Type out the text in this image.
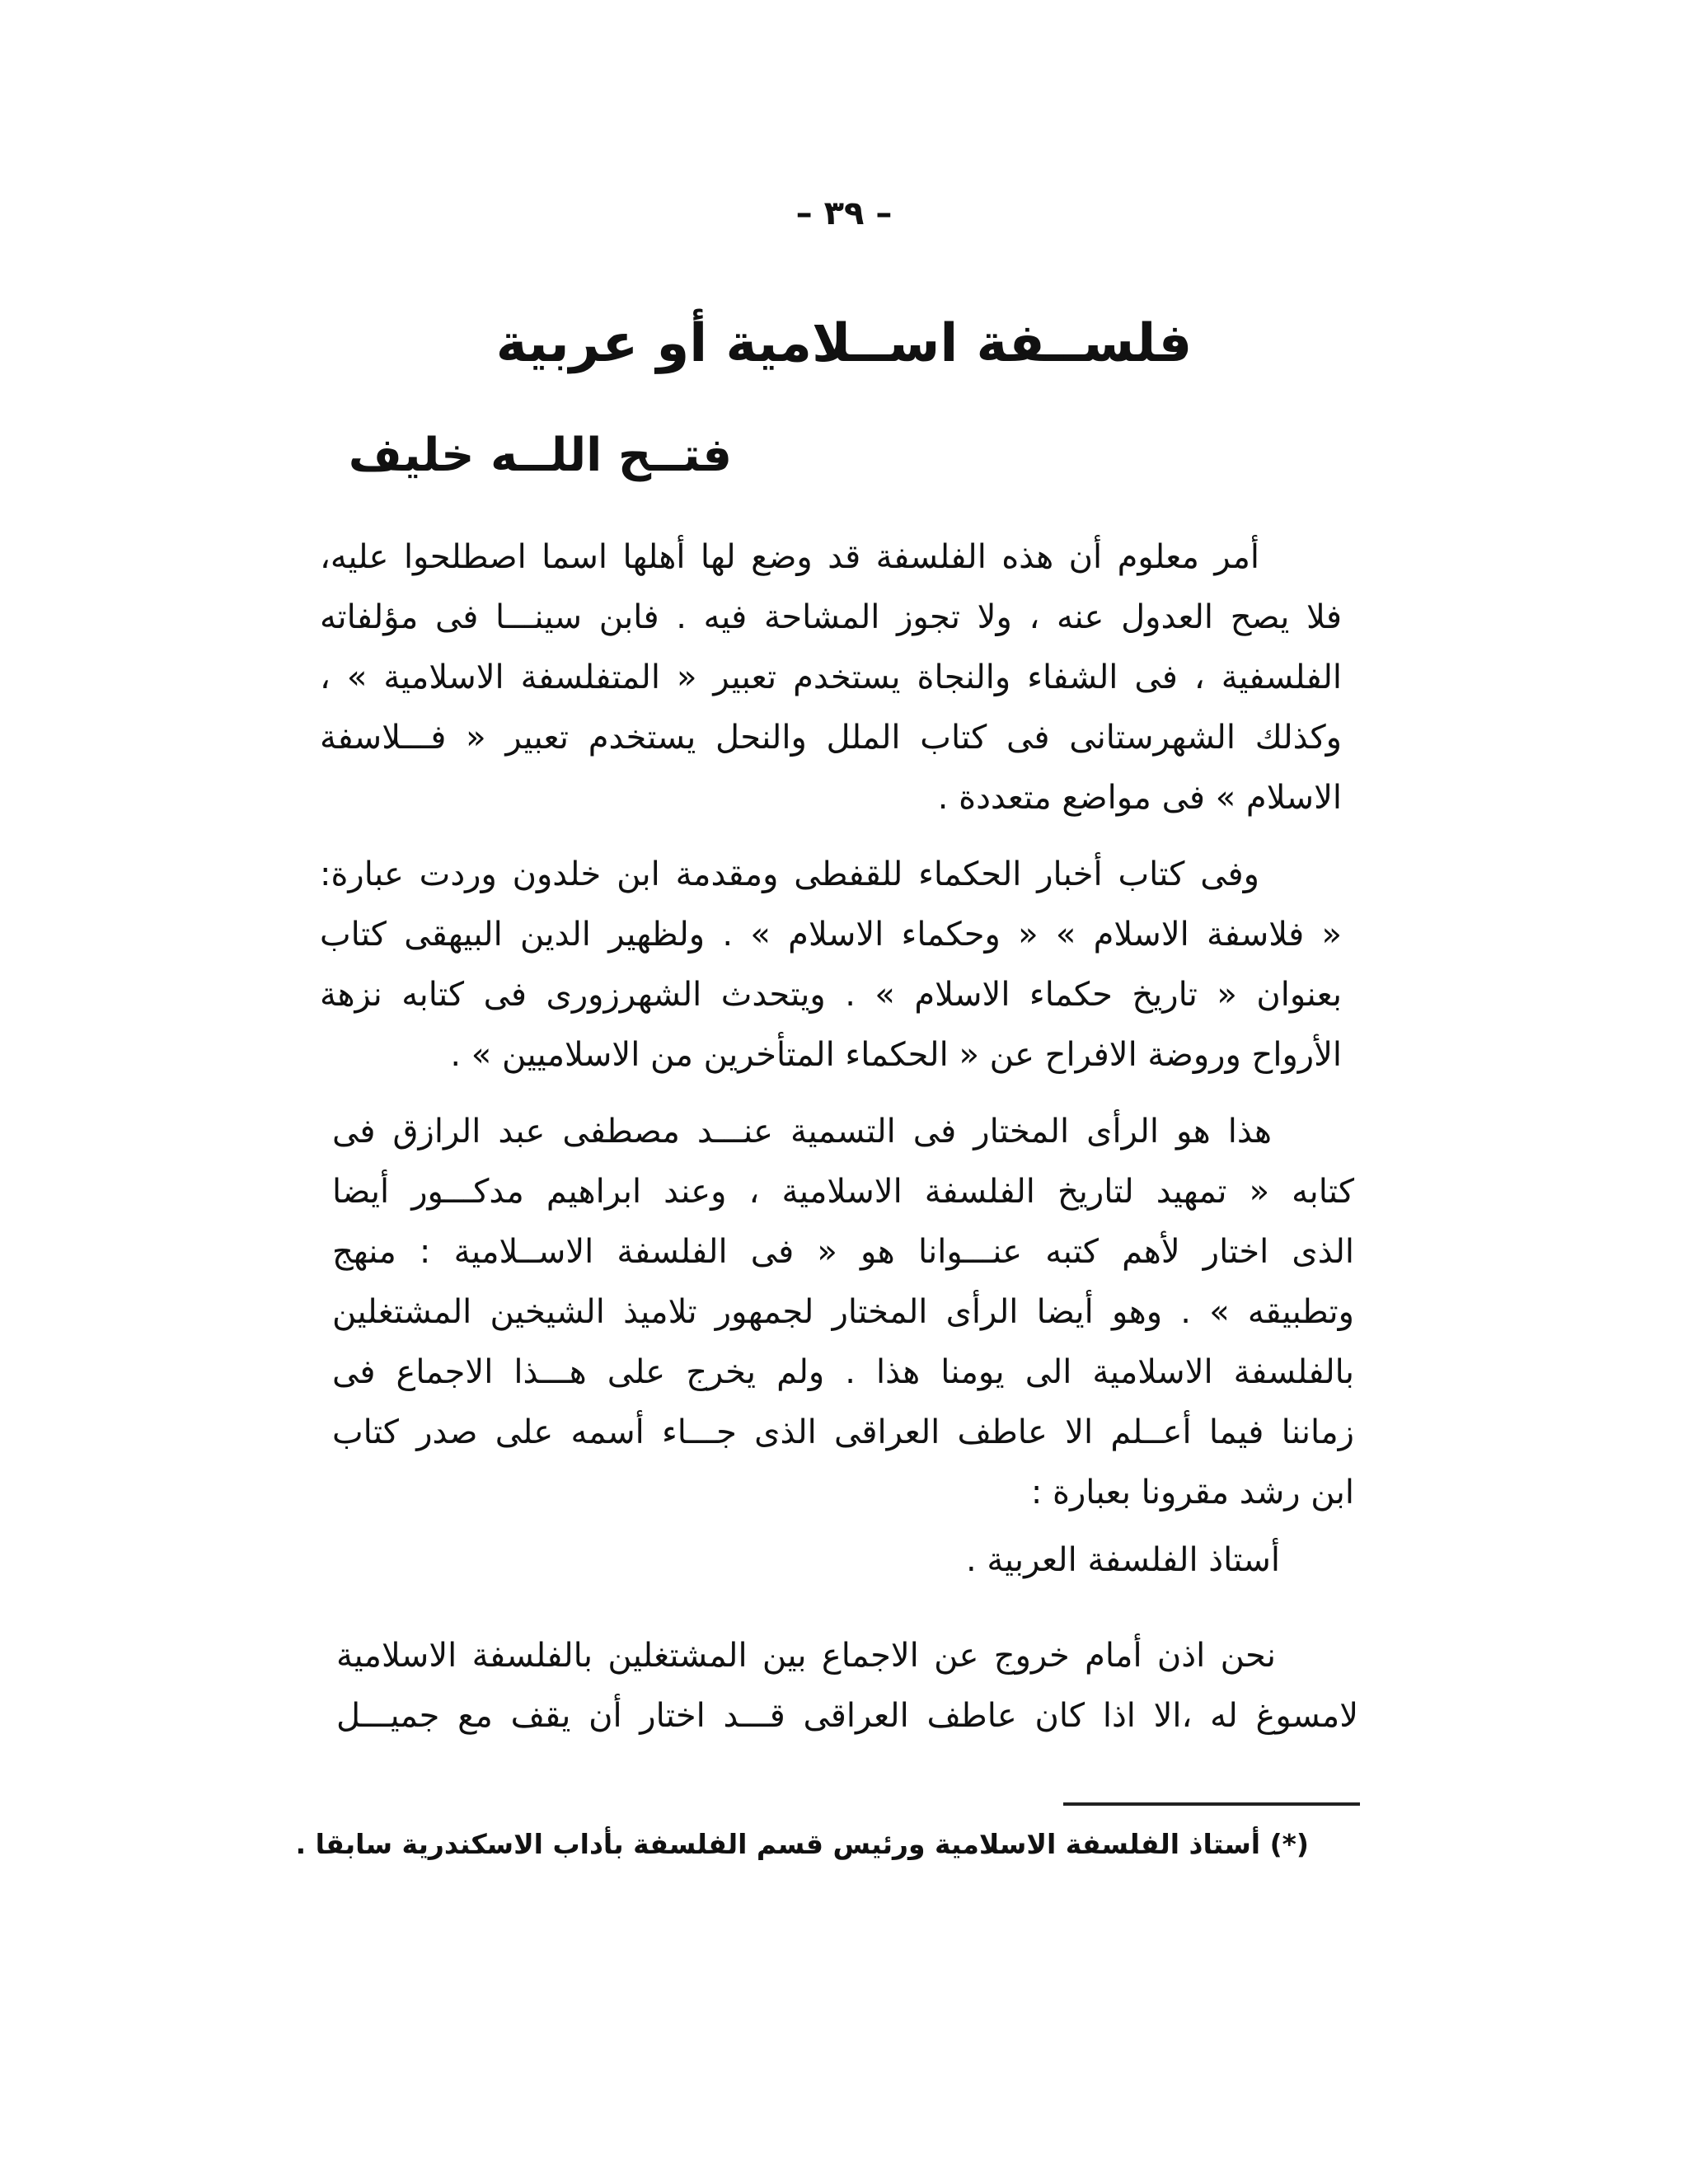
– ٣٩ –
فلســفة اســلامية أو عربية
فتــح اللــه خليف
أمر معلوم أن هذه الفلسفة قد وضع لها أهلها اسما اصطلحوا عليه،
فلا يصح العدول عنه ، ولا تجوز المشاحة فيه . فابن سينـــا فى مؤلفاته
الفلسفية ، فى الشفاء والنجاة يستخدم تعبير « المتفلسفة الاسلامية » ،
وكذلك الشهرستانى فى كتاب الملل والنحل يستخدم تعبير « فـــلاسفة
الاسلام » فى مواضع متعددة .
وفى كتاب أخبار الحكماء للقفطى ومقدمة ابن خلدون وردت عبارة:
« فلاسفة الاسلام » « وحكماء الاسلام » . ولظهير الدين البيهقى كتاب
بعنوان « تاريخ حكماء الاسلام » . ويتحدث الشهرزورى فى كتابه نزهة
الأرواح وروضة الافراح عن « الحكماء المتأخرين من الاسلاميين » .
هذا هو الرأى المختار فى التسمية عنـــد مصطفى عبد الرازق فى
كتابه « تمهيد لتاريخ الفلسفة الاسلامية ، وعند ابراهيم مدكـــور أيضا
الذى اختار لأهم كتبه عنـــوانا هو « فى الفلسفة الاســلامية : منهج
وتطبيقه » . وهو أيضا الرأى المختار لجمهور تلاميذ الشيخين المشتغلين
بالفلسفة الاسلامية الى يومنا هذا . ولم يخرج على هـــذا الاجماع فى
زماننا فيما أعــلم الا عاطف العراقى الذى جـــاء أسمه على صدر كتاب
ابن رشد مقرونا بعبارة :
أستاذ الفلسفة العربية .
نحن اذن أمام خروج عن الاجماع بين المشتغلين بالفلسفة الاسلامية
لامسوغ له ،الا اذا كان عاطف العراقى قـــد اختار أن يقف مع جميـــل
(*) أستاذ الفلسفة الاسلامية ورئيس قسم الفلسفة بأداب الاسكندرية سابقا .
